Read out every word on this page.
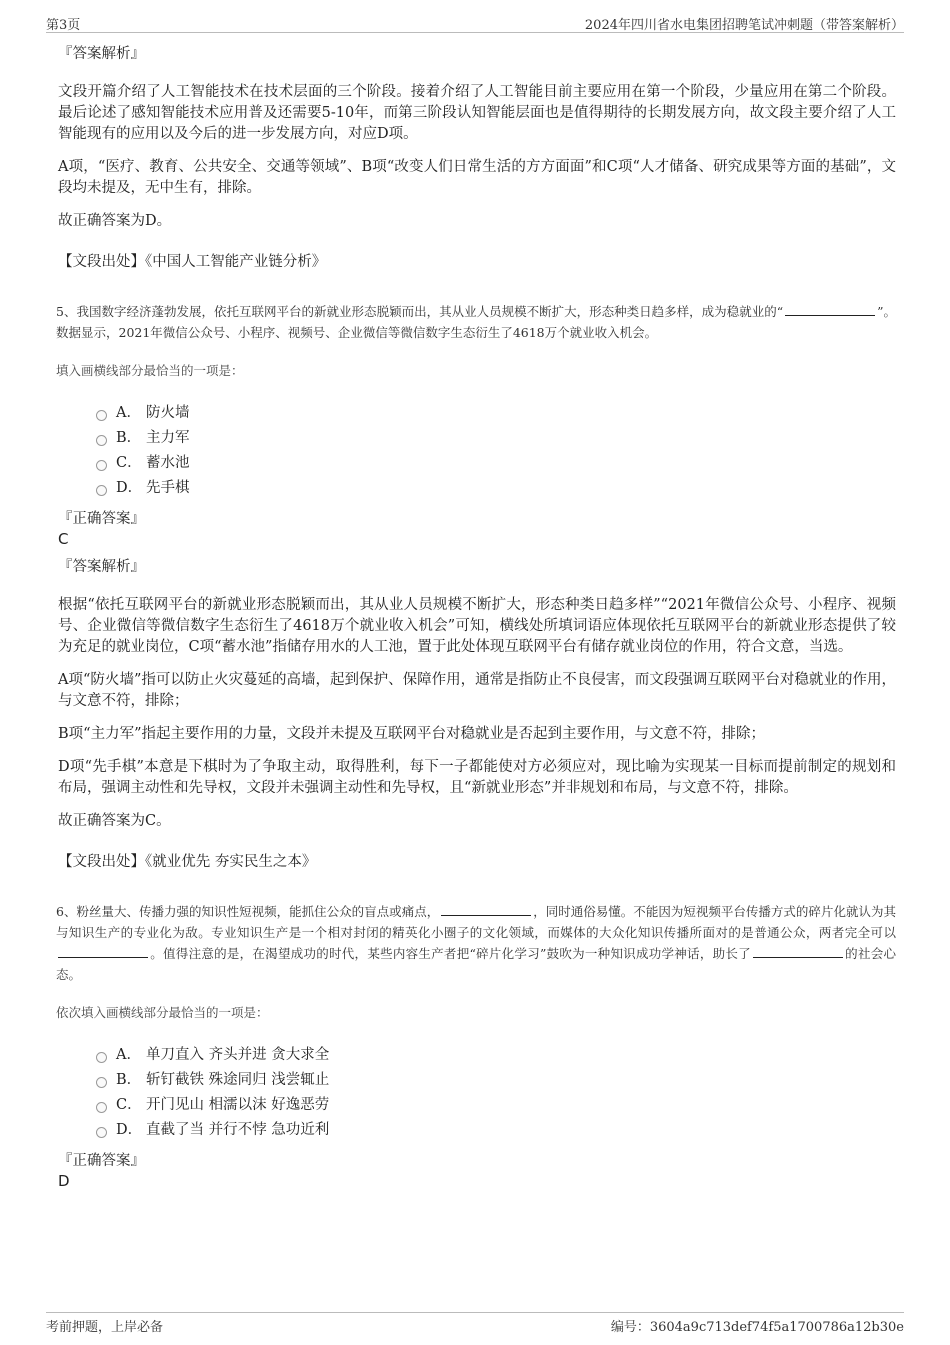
第3页	2024年四川省水电集团招聘笔试冲刺题（带答案解析）
『答案解析』
文段开篇介绍了人工智能技术在技术层面的三个阶段。接着介绍了人工智能目前主要应用在第一个阶段，少量应用在第二个阶段。最后论述了感知智能技术应用普及还需要5-10年，而第三阶段认知智能层面也是值得期待的长期发展方向，故文段主要介绍了人工智能现有的应用以及今后的进一步发展方向，对应D项。
A项，“医疗、教育、公共安全、交通等领域”、B项“改变人们日常生活的方方面面”和C项“人才储备、研究成果等方面的基础”，文段均未提及，无中生有，排除。
故正确答案为D。
【文段出处】《中国人工智能产业链分析》
5、我国数字经济蓬勃发展，依托互联网平台的新就业形态脱颖而出，其从业人员规模不断扩大，形态种类日趋多样，成为稳就业的“	”。数据显示，2021年微信公众号、小程序、视频号、企业微信等微信数字生态衍生了4618万个就业收入机会。
填入画横线部分最恰当的一项是：
A． 防火墙
B． 主力军
C． 蓄水池
D． 先手棋
『正确答案』
C
『答案解析』
根据“依托互联网平台的新就业形态脱颖而出，其从业人员规模不断扩大，形态种类日趋多样”“2021年微信公众号、小程序、视频号、企业微信等微信数字生态衍生了4618万个就业收入机会”可知，横线处所填词语应体现依托互联网平台的新就业形态提供了较为充足的就业岗位，C项“蓄水池”指储存用水的人工池，置于此处体现互联网平台有储存就业岗位的作用，符合文意，当选。
A项“防火墙”指可以防止火灾蔓延的高墙，起到保护、保障作用，通常是指防止不良侵害，而文段强调互联网平台对稳就业的作用，与文意不符，排除；
B项“主力军”指起主要作用的力量，文段并未提及互联网平台对稳就业是否起到主要作用，与文意不符，排除；
D项“先手棋”本意是下棋时为了争取主动，取得胜利，每下一子都能使对方必须应对，现比喻为实现某一目标而提前制定的规划和布局，强调主动性和先导权，文段并未强调主动性和先导权，且“新就业形态”并非规划和布局，与文意不符，排除。
故正确答案为C。
【文段出处】《就业优先 夯实民生之本》
6、粉丝量大、传播力强的知识性短视频，能抓住公众的盲点或痛点，	，同时通俗易懂。不能因为短视频平台传播方式的碎片化就认为其与知识生产的专业化为敌。专业知识生产是一个相对封闭的精英化小圈子的文化领域，而媒体的大众化知识传播所面对的是普通公众，两者完全可以。值得注意的是，在渴望成功的时代，某些内容生产者把“碎片化学习”鼓吹为一种知识成功学神话，助长了	的社会心态。
依次填入画横线部分最恰当的一项是：
A． 单刀直入 齐头并进 贪大求全
B． 斩钉截铁 殊途同归 浅尝辄止
C． 开门见山 相濡以沫 好逸恶劳
D． 直截了当 并行不悖 急功近利
『正确答案』
D
考前押题，上岸必备	编号：3604a9c713def74f5a1700786a12b30e
